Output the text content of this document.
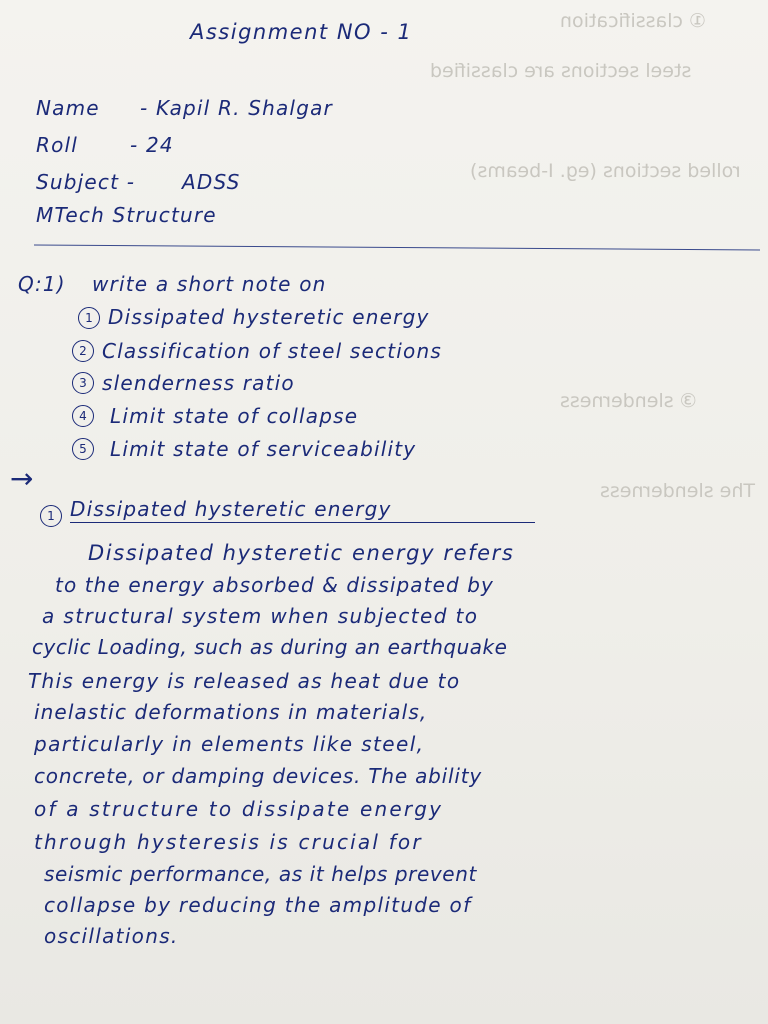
① classification
steel sections are classified
rolled sections (eg. I-beams)
③ slenderness
The slenderness
Assignment NO - 1
Name - Kapil R. Shalgar
Roll	- 24
Subject - ADSS
MTech Structure
Q:1) write a short note on
1 Dissipated hysteretic energy
2 Classification of steel sections
3 slenderness ratio
4	Limit state of collapse
5	Limit state of serviceability
→
1 Dissipated hysteretic energy
Dissipated hysteretic energy refers
to the energy absorbed & dissipated by
a structural system when subjected to
cyclic Loading, such as during an earthquake
This energy is released as heat due to
inelastic deformations in materials,
particularly in elements like steel,
concrete, or damping devices. The ability
of a structure to dissipate energy
through hysteresis is crucial for
seismic performance, as it helps prevent
collapse by reducing the amplitude of
oscillations.
